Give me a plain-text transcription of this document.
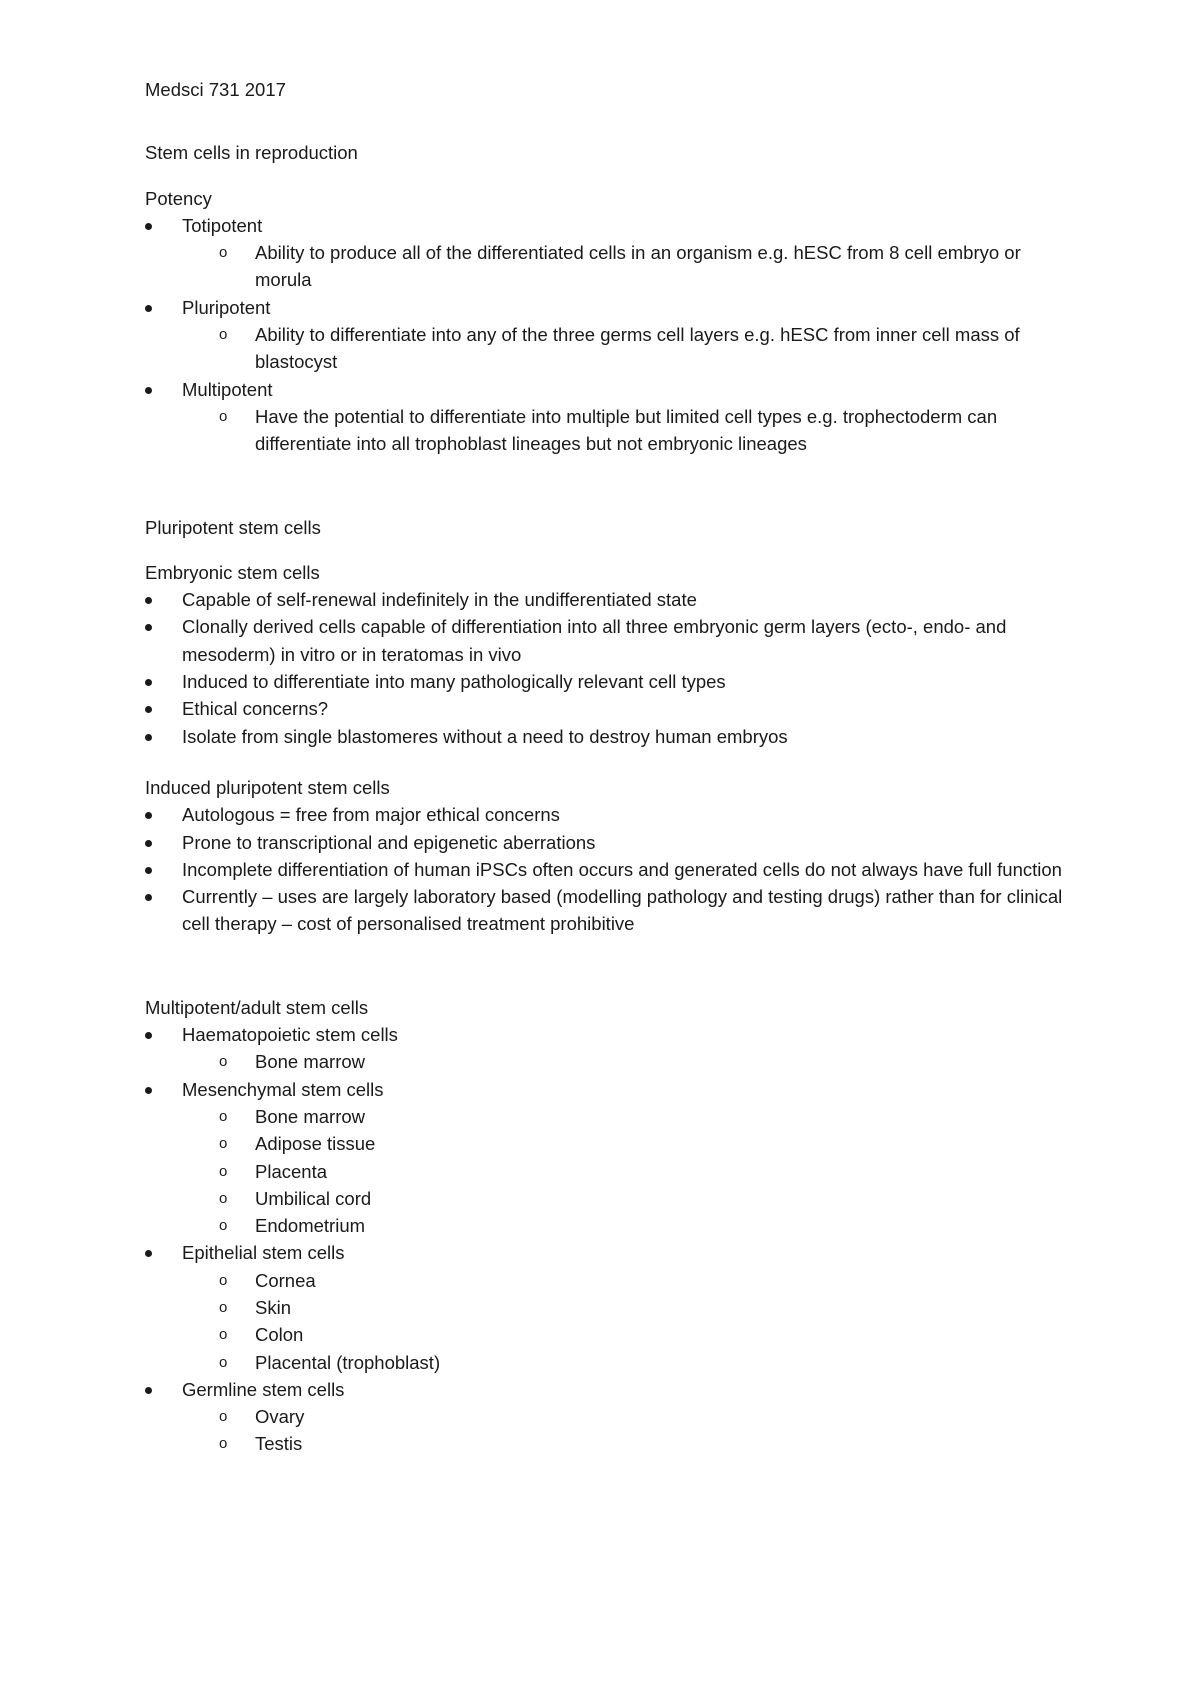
Medsci 731 2017

Stem cells in reproduction

Potency

Totipotent
o Ability to produce all of the differentiated cells in an organism e.g. hESC from 8 cell embryo or morula
Pluripotent
o Ability to differentiate into any of the three germs cell layers e.g. hESC from inner cell mass of blastocyst
Multipotent
o Have the potential to differentiate into multiple but limited cell types e.g. trophectoderm can differentiate into all trophoblast lineages but not embryonic lineages

Pluripotent stem cells

Embryonic stem cells

Capable of self-renewal indefinitely in the undifferentiated state
Clonally derived cells capable of differentiation into all three embryonic germ layers (ecto-, endo- and mesoderm) in vitro or in teratomas in vivo
Induced to differentiate into many pathologically relevant cell types
Ethical concerns?
Isolate from single blastomeres without a need to destroy human embryos

Induced pluripotent stem cells

Autologous = free from major ethical concerns
Prone to transcriptional and epigenetic aberrations
Incomplete differentiation of human iPSCs often occurs and generated cells do not always have full function
Currently – uses are largely laboratory based (modelling pathology and testing drugs) rather than for clinical cell therapy – cost of personalised treatment prohibitive

Multipotent/adult stem cells

Haematopoietic stem cells
o Bone marrow
Mesenchymal stem cells
o Bone marrow
o Adipose tissue
o Placenta
o Umbilical cord
o Endometrium
Epithelial stem cells
o Cornea
o Skin
o Colon
o Placental (trophoblast)
Germline stem cells
o Ovary
o Testis
